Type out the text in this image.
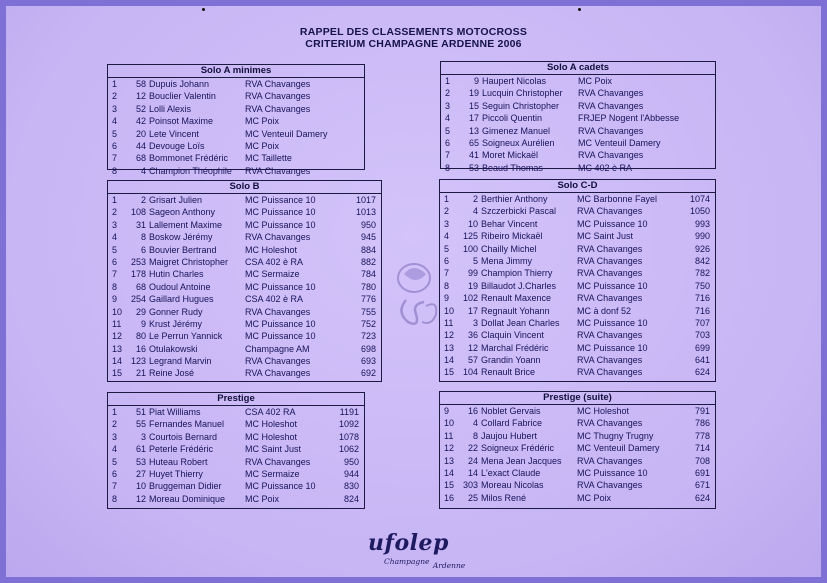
RAPPEL DES CLASSEMENTS MOTOCROSS
CRITERIUM CHAMPAGNE ARDENNE 2006
Solo A minimes
1	58 Dupuis Johann	RVA Chavanges
2	12 Bouclier Valentin	RVA Chavanges
3	52 Lolli Alexis	RVA Chavanges
4	42 Poinsot Maxime	MC Poix
5	20 Lete Vincent	MC Venteuil Damery
6	44 Devouge Loïs	MC Poix
7	68 Bommonet Frédéric MC Taillette
8	4 Champion Théophile RVA Chavanges
Solo A cadets
1	9 Haupert Nicolas	MC Poix
2	19 Lucquin Christopher RVA Chavanges
3	15 Seguin Christopher RVA Chavanges
4	17 Piccoli Quentin	FRJEP Nogent l'Abbesse
5	13 Gimenez Manuel	RVA Chavanges
6	65 Soigneux Aurélien	MC Venteuil Damery
7	41 Moret Mickaël	RVA Chavanges
8	53 Beaud Thomas	MC 402 è RA
Solo B
1	2 Grisart Julien	MC Puissance 10	1017
2	108 Sageon Anthony	MC Puissance 10	1013
3	31 Lallement Maxime	MC Puissance 10	950
4	8 Boskow Jérémy	RVA Chavanges	945
5	6 Bouvier Bertrand	MC Holeshot	884
6	253 Maigret Christopher CSA 402 è RA	882
7	178 Hutin Charles	MC Sermaize	784
8	68 Oudoul Antoine	MC Puissance 10	780
9	254 Gaillard Hugues	CSA 402 è RA	776
10	29 Gonner Rudy	RVA Chavanges	755
11	9 Krust Jérémy	MC Puissance 10	752
12	80 Le Perrun Yannick	MC Puissance 10	723
13	16 Otulakowski	Champagne AM	698
14 123 Legrand Marvin	RVA Chavanges	693
15	21 Reine José	RVA Chavanges	692
Solo C-D
1	2 Berthier Anthony	MC Barbonne Fayel	1074
2	4 Szczerbicki Pascal RVA Chavanges	1050
3	10 Behar Vincent	MC Puissance 10	993
4	125 Ribeiro Mickaël	MC Saint Just	990
5	100 Chailly Michel	RVA Chavanges	926
6	5 Mena Jimmy	RVA Chavanges	842
7	99 Champion Thierry	RVA Chavanges	782
8	19 Billaudot J.Charles MC Puissance 10	750
9	102 Renault Maxence	RVA Chavanges	716
10	17 Regnault Yohann	MC à donf 52	716
11	3 Dollat Jean Charles MC Puissance 10	707
12	36 Claquin Vincent	RVA Chavanges	703
13	12 Marchal Frédéric	MC Puissance 10	699
14	57 Grandin Yoann	RVA Chavanges	641
15 104 Renault Brice	RVA Chavanges	624
Prestige
1	51 Piat Williams	CSA 402 RA	1191
2	55 Fernandes Manuel MC Holeshot	1092
3	3 Courtois Bernard	MC Holeshot	1078
4	61 Peterle Frédéric	MC Saint Just	1062
5	53 Huteau Robert	RVA Chavanges	950
6	27 Huyet Thierry	MC Sermaize	944
7	10 Bruggeman Didier	MC Puissance 10	830
8	12 Moreau Dominique MC Poix	824
Prestige (suite)
9	16 Noblet Gervais	MC Holeshot	791
10	4 Collard Fabrice	RVA Chavanges	786
11	8 Jaujou Hubert	MC Thugny Trugny	778
12	22 Soigneux Frédéric	MC Venteuil Damery	714
13	24 Mena Jean Jacques RVA Chavanges	708
14	14 L'exact Claude	MC Puissance 10	691
15 303 Moreau Nicolas	RVA Chavanges	671
16	25 Milos René	MC Poix	624
ufolep
Champagne Ardenne
